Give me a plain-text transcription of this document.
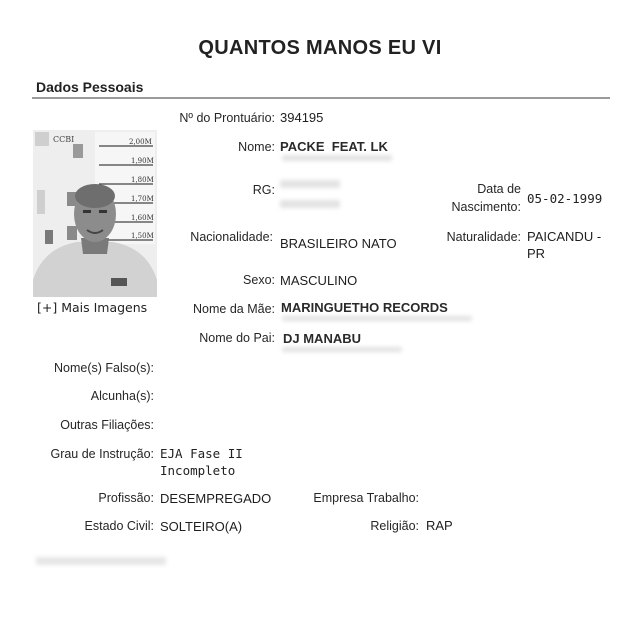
QUANTOS MANOS EU VI
Dados Pessoais
2,00M
1,90M
1,80M
1,70M
1,60M
1,50M
CCBI
[+] Mais Imagens
Nº do Prontuário: 394195
Nome: PACKE  FEAT. LK
RG:	Data de
Nascimento:
05-02-1999
Nacionalidade: BRASILEIRO NATO	Naturalidade: PAICANDU -
PR
Sexo: MASCULINO
Nome da Mãe: MARINGUETHO RECORDS
Nome do Pai: DJ MANABU
Nome(s) Falso(s):
Alcunha(s):
Outras Filiações:
Grau de Instrução: EJA Fase II
Incompleto
Profissão: DESEMPREGADO	Empresa Trabalho:
Estado Civil: SOLTEIRO(A)	Religião: RAP
